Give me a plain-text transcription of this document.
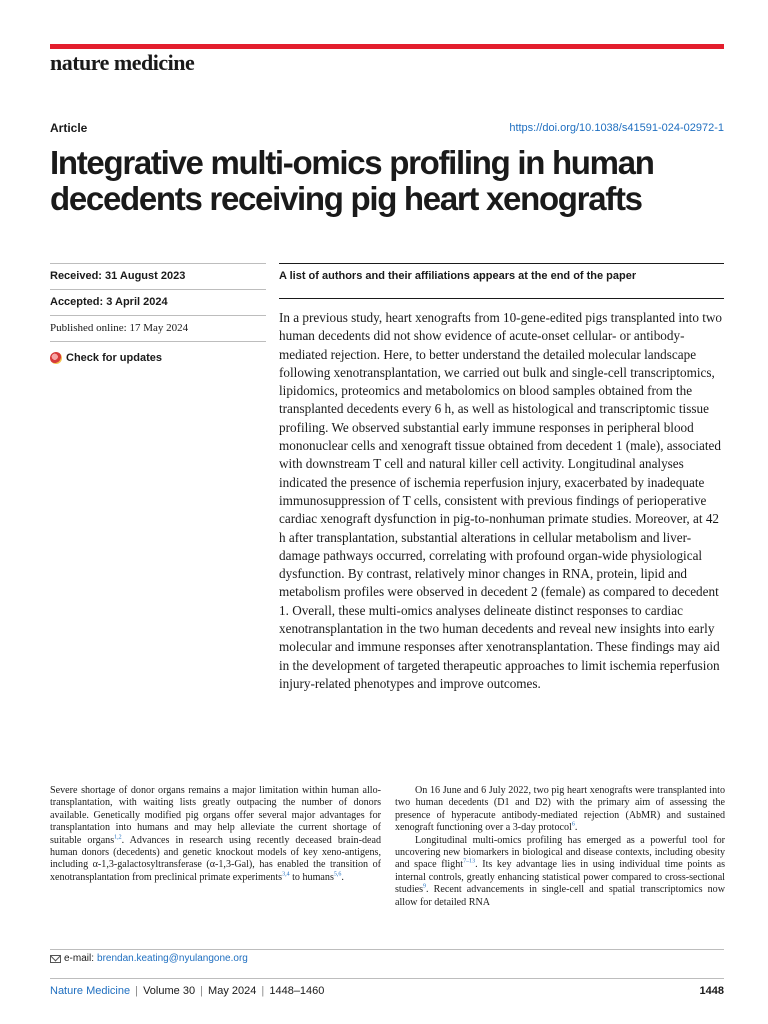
nature medicine
Article	https://doi.org/10.1038/s41591-024-02972-1
Integrative multi-omics profiling in human decedents receiving pig heart xenografts
Received: 31 August 2023
Accepted: 3 April 2024
Published online: 17 May 2024
Check for updates
A list of authors and their affiliations appears at the end of the paper
In a previous study, heart xenografts from 10-gene-edited pigs transplanted into two human decedents did not show evidence of acute-onset cellular- or antibody-mediated rejection. Here, to better understand the detailed molecular landscape following xenotransplantation, we carried out bulk and single-cell transcriptomics, lipidomics, proteomics and metabolomics on blood samples obtained from the transplanted decedents every 6 h, as well as histological and transcriptomic tissue profiling. We observed substantial early immune responses in peripheral blood mononuclear cells and xenograft tissue obtained from decedent 1 (male), associated with downstream T cell and natural killer cell activity. Longitudinal analyses indicated the presence of ischemia reperfusion injury, exacerbated by inadequate immunosuppression of T cells, consistent with previous findings of perioperative cardiac xenograft dysfunction in pig-to-nonhuman primate studies. Moreover, at 42 h after transplantation, substantial alterations in cellular metabolism and liver-damage pathways occurred, correlating with profound organ-wide physiological dysfunction. By contrast, relatively minor changes in RNA, protein, lipid and metabolism profiles were observed in decedent 2 (female) as compared to decedent 1. Overall, these multi-omics analyses delineate distinct responses to cardiac xenotransplantation in the two human decedents and reveal new insights into early molecular and immune responses after xenotransplantation. These findings may aid in the development of targeted therapeutic approaches to limit ischemia reperfusion injury-related phenotypes and improve outcomes.

Severe shortage of donor organs remains a major limitation within human allo-transplantation, with waiting lists greatly outpacing the number of donors available. Genetically modified pig organs offer several major advantages for transplantation into humans and may help alleviate the current shortage of suitable organs$^{1,2}$. Advances in research using recently deceased brain-dead human donors (decedents) and genetic knockout models of key xeno-antigens, including α-1,3-galactosyltransferase (α-1,3-Gal), has enabled the transition of xenotransplantation from preclinical primate experiments$^{3,4}$ to humans$^{5,6}$.

On 16 June and 6 July 2022, two pig heart xenografts were transplanted into two human decedents (D1 and D2) with the primary aim of assessing the presence of hyperacute antibody-mediated rejection (AbMR) and sustained xenograft functioning over a 3-day protocol$^6$.

Longitudinal multi-omics profiling has emerged as a powerful tool for uncovering new biomarkers in biological and disease contexts, including obesity and space flight$^{7-13}$. Its key advantage lies in using individual time points as internal controls, greatly enhancing statistical power compared to cross-sectional studies$^9$. Recent advancements in single-cell and spatial transcriptomics now allow for detailed RNA

e-mail: brendan.keating@nyulangone.org
Nature Medicine | Volume 30 | May 2024 | 1448–1460	1448
